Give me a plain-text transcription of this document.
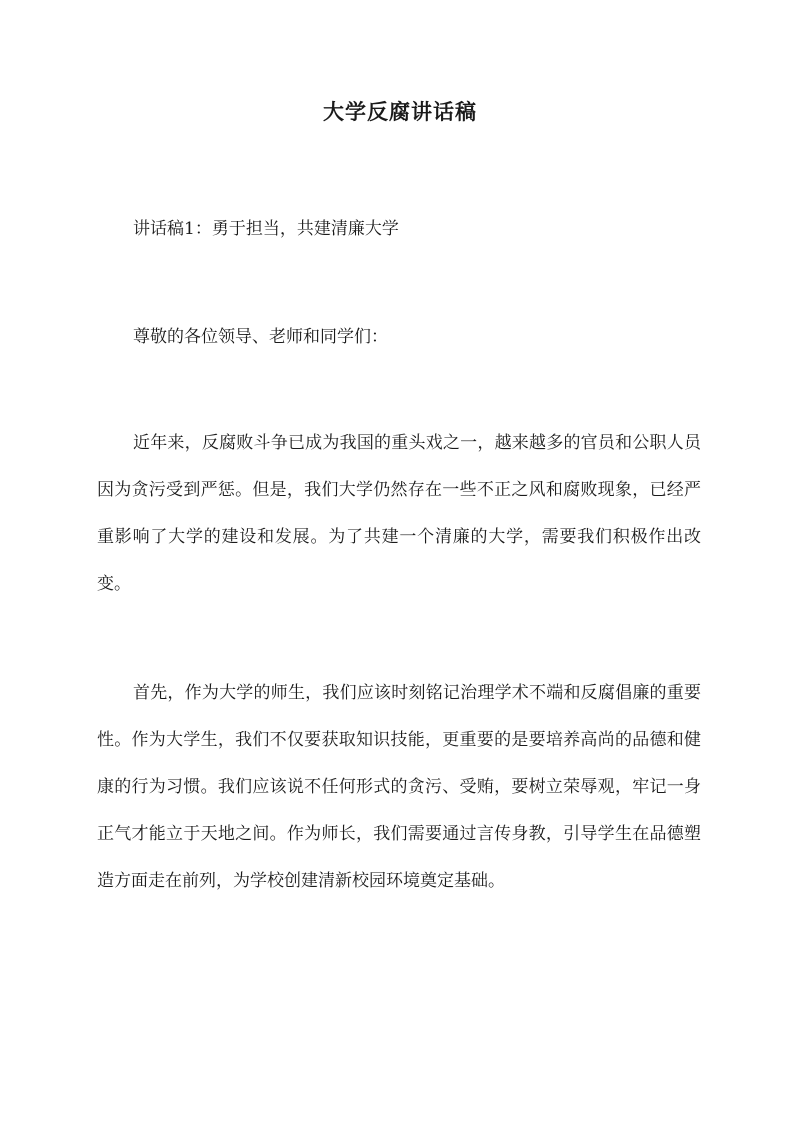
大学反腐讲话稿
讲话稿1：勇于担当，共建清廉大学
尊敬的各位领导、老师和同学们：

近年来，反腐败斗争已成为我国的重头戏之一，越来越多的官员和公职人员因为贪污受到严惩。但是，我们大学仍然存在一些不正之风和腐败现象，已经严重影响了大学的建设和发展。为了共建一个清廉的大学，需要我们积极作出改变。

首先，作为大学的师生，我们应该时刻铭记治理学术不端和反腐倡廉的重要性。作为大学生，我们不仅要获取知识技能，更重要的是要培养高尚的品德和健康的行为习惯。我们应该说不任何形式的贪污、受贿，要树立荣辱观，牢记一身正气才能立于天地之间。作为师长，我们需要通过言传身教，引导学生在品德塑造方面走在前列，为学校创建清新校园环境奠定基础。
